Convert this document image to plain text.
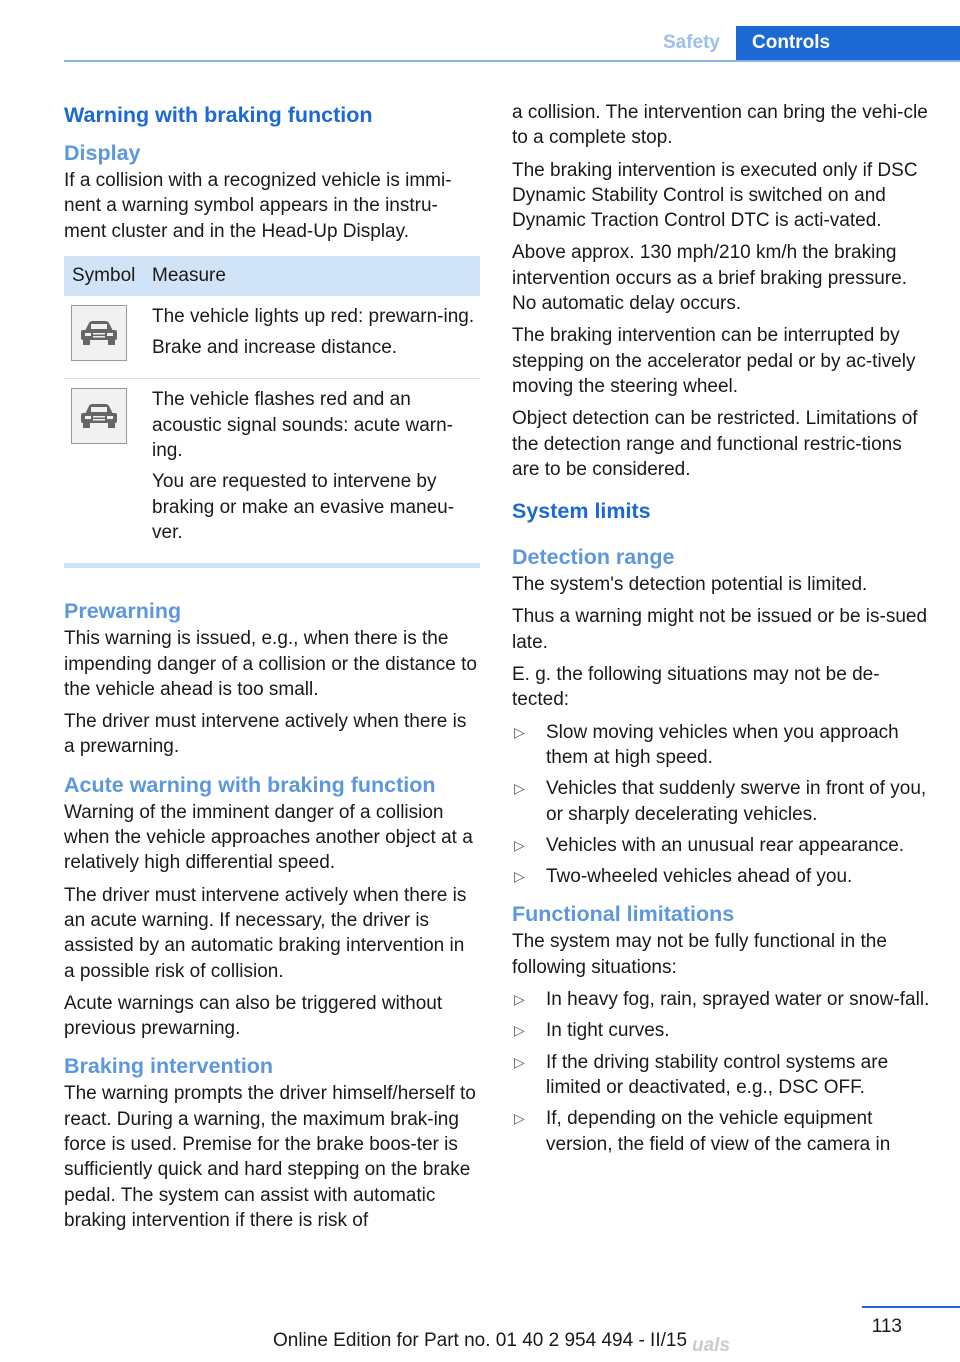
Safety	Controls
Warning with braking function
Display

If a collision with a recognized vehicle is immi‐nent a warning symbol appears in the instru‐ment cluster and in the Head-Up Display.

Symbol Measure

The vehicle lights up red: prewarn‐ing.

Brake and increase distance.

The vehicle flashes red and an acoustic signal sounds: acute warn‐ing.

You are requested to intervene by braking or make an evasive maneu‐ver.

Prewarning

This warning is issued, e.g., when there is the impending danger of a collision or the distance to the vehicle ahead is too small.

The driver must intervene actively when there is a prewarning.

Acute warning with braking function

Warning of the imminent danger of a collision when the vehicle approaches another object at a relatively high differential speed.

The driver must intervene actively when there is an acute warning. If necessary, the driver is assisted by an automatic braking intervention in a possible risk of collision.

Acute warnings can also be triggered without previous prewarning.

Braking intervention

The warning prompts the driver himself/herself to react. During a warning, the maximum brak‐ing force is used. Premise for the brake boos‐ter is sufficiently quick and hard stepping on the brake pedal. The system can assist with automatic braking intervention if there is risk of

a collision. The intervention can bring the vehi‐cle to a complete stop.

The braking intervention is executed only if DSC Dynamic Stability Control is switched on and Dynamic Traction Control DTC is acti‐vated.

Above approx. 130 mph/210 km/h the braking intervention occurs as a brief braking pressure. No automatic delay occurs.

The braking intervention can be interrupted by stepping on the accelerator pedal or by ac‐tively moving the steering wheel.

Object detection can be restricted. Limitations of the detection range and functional restric‐tions are to be considered.

System limits
Detection range

The system's detection potential is limited.

Thus a warning might not be issued or be is‐sued late.

E. g. the following situations may not be de‐tected:

▷ Slow moving vehicles when you approach them at high speed.
▷ Vehicles that suddenly swerve in front of you, or sharply decelerating vehicles.
▷ Vehicles with an unusual rear appearance.
▷ Two-wheeled vehicles ahead of you.
Functional limitations

The system may not be fully functional in the following situations:

▷ In heavy fog, rain, sprayed water or snow‐fall.
▷ In tight curves.
▷ If the driving stability control systems are limited or deactivated, e.g., DSC OFF.
▷ If, depending on the vehicle equipment version, the field of view of the camera in
113
Online Edition for Part no. 01 40 2 954 494 - II/15 uals
